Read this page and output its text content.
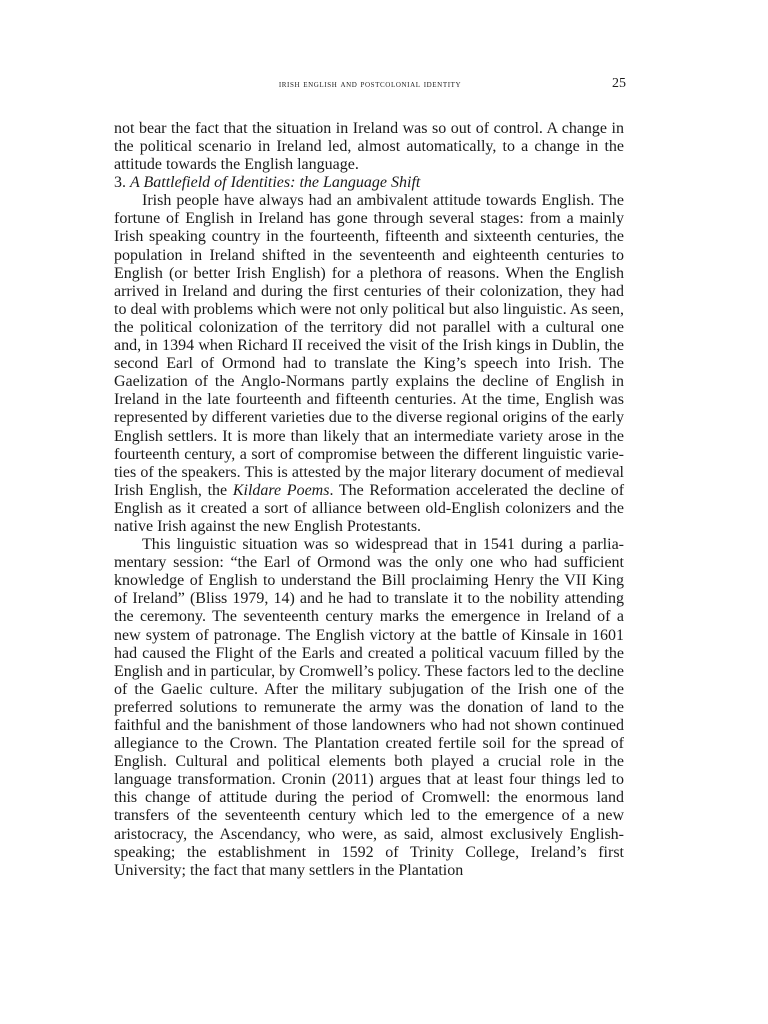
irish english and postcolonial identity	25

not bear the fact that the situation in Ireland was so out of control. A change in the political scenario in Ireland led, almost automatically, to a change in the attitude towards the English language.

3. A Battlefield of Identities: the Language Shift

Irish people have always had an ambivalent attitude towards English. The fortune of English in Ireland has gone through several stages: from a mainly Irish speaking country in the fourteenth, fifteenth and sixteenth centuries, the population in Ireland shifted in the seventeenth and eighteenth centuries to English (or better Irish English) for a plethora of reasons. When the English arrived in Ireland and during the first centuries of their colonization, they had to deal with problems which were not only political but also linguistic. As seen, the political colonization of the territory did not parallel with a cultural one and, in 1394 when Richard II received the visit of the Irish kings in Dublin, the second Earl of Ormond had to translate the King’s speech into Irish. The Gaelization of the Anglo-Normans partly explains the decline of English in Ireland in the late fourteenth and fifteenth centuries. At the time, English was represented by different varieties due to the diverse regional origins of the early English settlers. It is more than likely that an intermediate variety arose in the fourteenth century, a sort of compromise between the different linguistic varieties of the speakers. This is attested by the major literary document of medieval Irish English, the Kildare Poems. The Reformation accelerated the decline of English as it created a sort of alliance between old-English colonizers and the native Irish against the new English Protestants.

This linguistic situation was so widespread that in 1541 during a parliamentary session: “the Earl of Ormond was the only one who had sufficient knowledge of English to understand the Bill proclaiming Henry the VII King of Ireland” (Bliss 1979, 14) and he had to translate it to the nobility attending the ceremony. The seventeenth century marks the emergence in Ireland of a new system of patronage. The English victory at the battle of Kinsale in 1601 had caused the Flight of the Earls and created a political vacuum filled by the English and in particular, by Cromwell’s policy. These factors led to the decline of the Gaelic culture. After the military subjugation of the Irish one of the preferred solutions to remunerate the army was the donation of land to the faithful and the banishment of those landowners who had not shown continued allegiance to the Crown. The Plantation created fertile soil for the spread of English. Cultural and political elements both played a crucial role in the language transformation. Cronin (2011) argues that at least four things led to this change of attitude during the period of Cromwell: the enormous land transfers of the seventeenth century which led to the emergence of a new aristocracy, the Ascendancy, who were, as said, almost exclusively English-speaking; the establishment in 1592 of Trinity College, Ireland’s first University; the fact that many settlers in the Plantation
